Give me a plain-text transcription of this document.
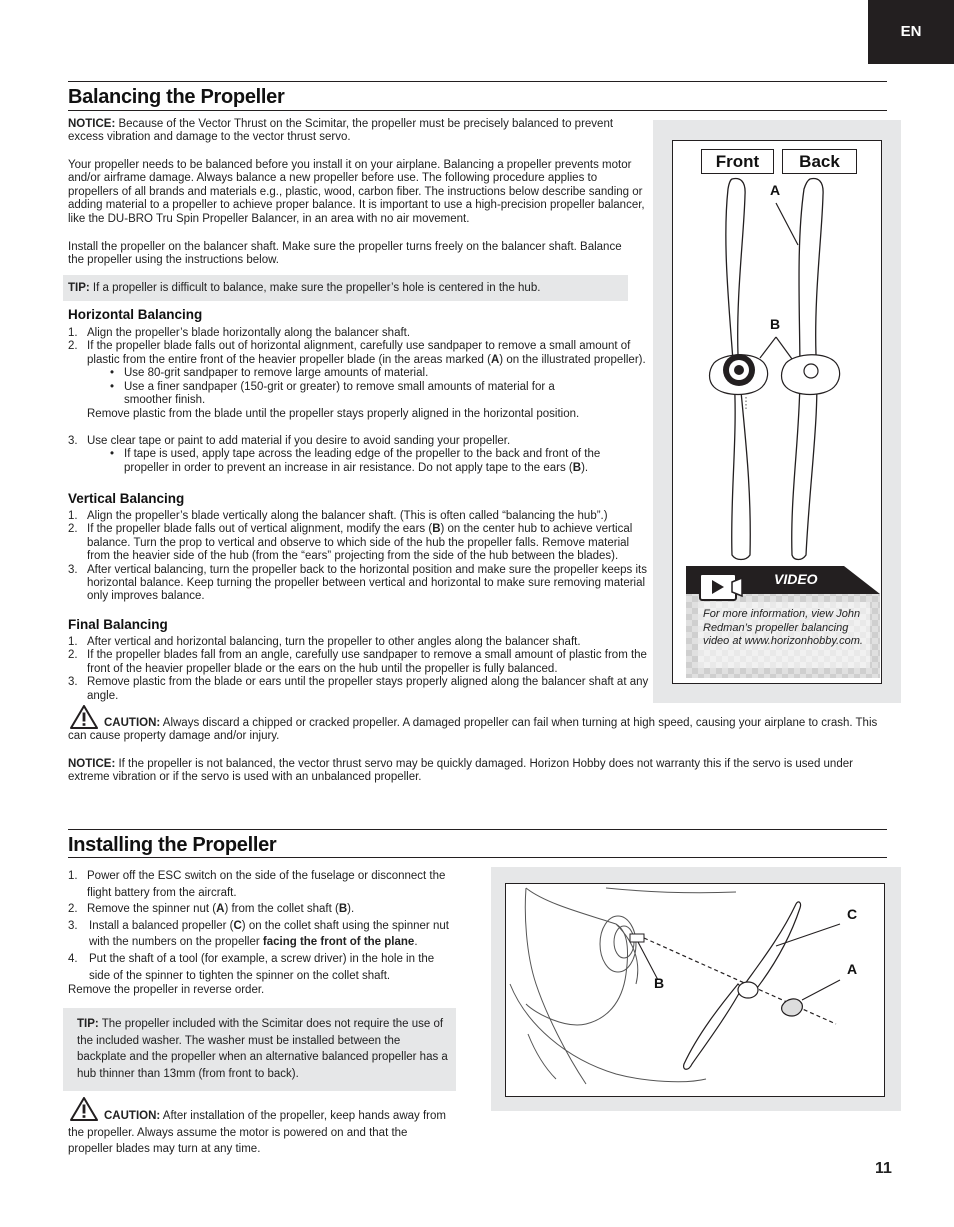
EN
Balancing the Propeller
NOTICE: Because of the Vector Thrust on the Scimitar, the propeller must be precisely balanced to prevent excess vibration and damage to the vector thrust servo.
Your propeller needs to be balanced before you install it on your airplane. Balancing a propeller prevents motor and/or airframe damage. Always balance a new propeller before use. The following procedure applies to propellers of all brands and materials e.g., plastic, wood, carbon fiber. The instructions below describe sanding or adding material to a propeller to achieve proper balance. It is important to use a high-precision propeller balancer, like the DU-BRO Tru Spin Propeller Balancer, in an area with no air movement.
Install the propeller on the balancer shaft. Make sure the propeller turns freely on the balancer shaft. Balance the propeller using the instructions below.
TIP: If a propeller is difficult to balance, make sure the propeller’s hole is centered in the hub.
Horizontal Balancing
1. Align the propeller’s blade horizontally along the balancer shaft.
2. If the propeller blade falls out of horizontal alignment, carefully use sandpaper to remove a small amount of plastic from the entire front of the heavier propeller blade (in the areas marked (A) on the illustrated propeller).
• Use 80-grit sandpaper to remove large amounts of material.
• Use a finer sandpaper (150-grit or greater) to remove small amounts of material for a smoother finish.
Remove plastic from the blade until the propeller stays properly aligned in the horizontal position.
3. Use clear tape or paint to add material if you desire to avoid sanding your propeller.
• If tape is used, apply tape across the leading edge of the propeller to the back and front of the propeller in order to prevent an increase in air resistance. Do not apply tape to the ears (B).
Vertical Balancing
1. Align the propeller’s blade vertically along the balancer shaft. (This is often called “balancing the hub”.)
2. If the propeller blade falls out of vertical alignment, modify the ears (B) on the center hub to achieve vertical balance. Turn the prop to vertical and observe to which side of the hub the propeller falls. Remove material from the heavier side of the hub (from the “ears” projecting from the side of the hub between the blades).
3. After vertical balancing, turn the propeller back to the horizontal position and make sure the propeller keeps its horizontal balance. Keep turning the propeller between vertical and horizontal to make sure removing material only improves balance.
Final Balancing
1. After vertical and horizontal balancing, turn the propeller to other angles along the balancer shaft.
2. If the propeller blades fall from an angle, carefully use sandpaper to remove a small amount of plastic from the front of the heavier propeller blade or the ears on the hub until the propeller is fully balanced.
3. Remove plastic from the blade or ears until the propeller stays properly aligned along the balancer shaft at any angle.
CAUTION: Always discard a chipped or cracked propeller. A damaged propeller can fail when turning at high speed, causing your airplane to crash. This can cause property damage and/or injury.
NOTICE: If the propeller is not balanced, the vector thrust servo may be quickly damaged. Horizon Hobby does not warranty this if the servo is used under extreme vibration or if the servo is used with an unbalanced propeller.
Front Back
A
B
VIDEO
For more information, view John Redman’s propeller balancing video at www.horizonhobby.com.
Installing the Propeller
1. Power off the ESC switch on the side of the fuselage or disconnect the flight battery from the aircraft.
2. Remove the spinner nut (A) from the collet shaft (B).
3. Install a balanced propeller (C) on the collet shaft using the spinner nut with the numbers on the propeller facing the front of the plane.
4. Put the shaft of a tool (for example, a screw driver) in the hole in the side of the spinner to tighten the spinner on the collet shaft.
Remove the propeller in reverse order.
TIP: The propeller included with the Scimitar does not require the use of the included washer. The washer must be installed between the backplate and the propeller when an alternative balanced propeller has a hub thinner than 13mm (from front to back).
CAUTION: After installation of the propeller, keep hands away from the propeller. Always assume the motor is powered on and that the propeller blades may turn at any time.
C
A
B
11
